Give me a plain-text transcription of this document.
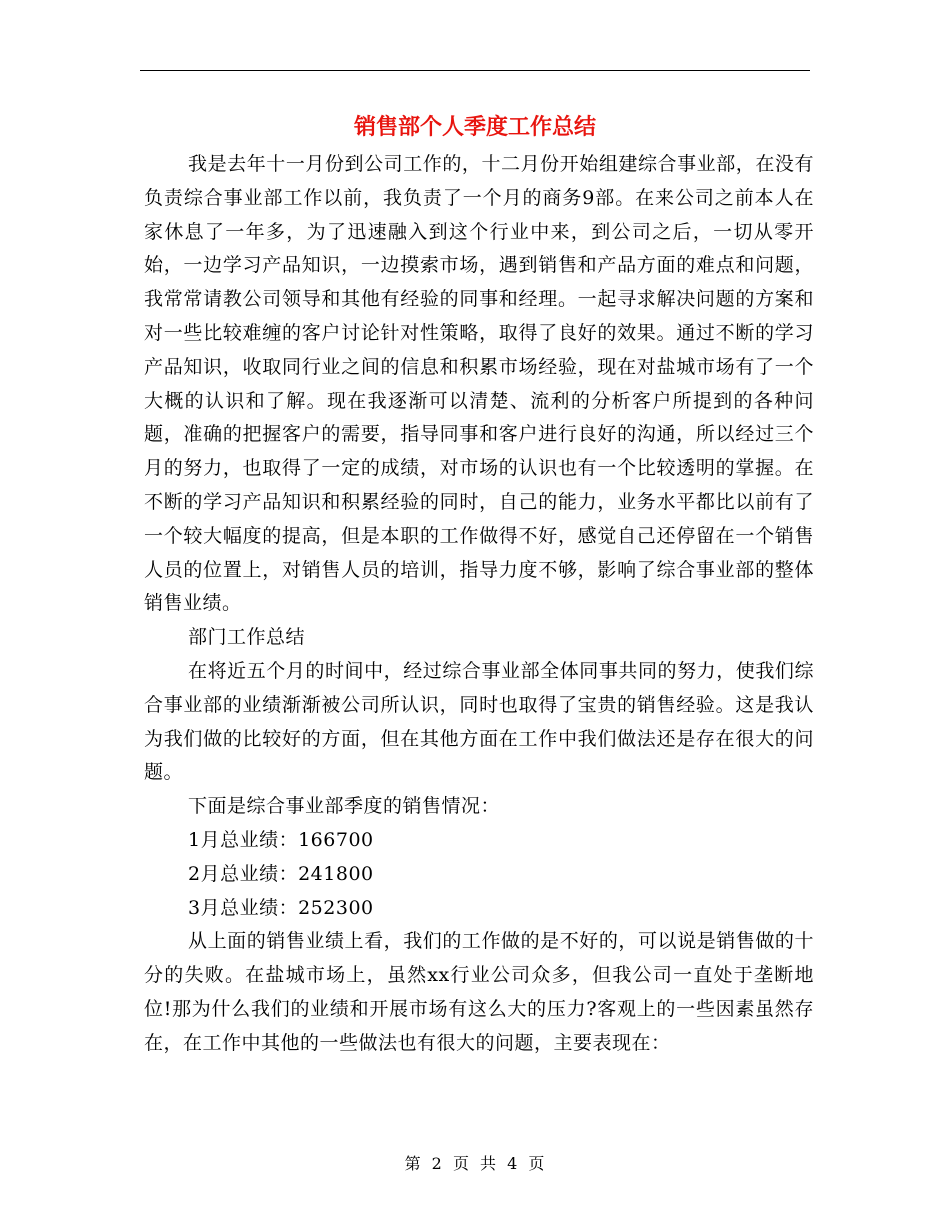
销售部个人季度工作总结

我是去年十一月份到公司工作的，十二月份开始组建综合事业部，在没有负责综合事业部工作以前，我负责了一个月的商务9部。在来公司之前本人在家休息了一年多，为了迅速融入到这个行业中来，到公司之后，一切从零开始，一边学习产品知识，一边摸索市场，遇到销售和产品方面的难点和问题，我常常请教公司领导和其他有经验的同事和经理。一起寻求解决问题的方案和对一些比较难缠的客户讨论针对性策略，取得了良好的效果。通过不断的学习产品知识，收取同行业之间的信息和积累市场经验，现在对盐城市场有了一个大概的认识和了解。现在我逐渐可以清楚、流利的分析客户所提到的各种问题，准确的把握客户的需要，指导同事和客户进行良好的沟通，所以经过三个月的努力，也取得了一定的成绩，对市场的认识也有一个比较透明的掌握。在不断的学习产品知识和积累经验的同时，自己的能力，业务水平都比以前有了一个较大幅度的提高，但是本职的工作做得不好，感觉自己还停留在一个销售人员的位置上，对销售人员的培训，指导力度不够，影响了综合事业部的整体销售业绩。

部门工作总结

在将近五个月的时间中，经过综合事业部全体同事共同的努力，使我们综合事业部的业绩渐渐被公司所认识，同时也取得了宝贵的销售经验。这是我认为我们做的比较好的方面，但在其他方面在工作中我们做法还是存在很大的问题。

下面是综合事业部季度的销售情况：

1月总业绩：166700

2月总业绩：241800

3月总业绩：252300

从上面的销售业绩上看，我们的工作做的是不好的，可以说是销售做的十分的失败。在盐城市场上，虽然xx行业公司众多，但我公司一直处于垄断地位!那为什么我们的业绩和开展市场有这么大的压力?客观上的一些因素虽然存在，在工作中其他的一些做法也有很大的问题，主要表现在：

第 2 页 共 4 页
